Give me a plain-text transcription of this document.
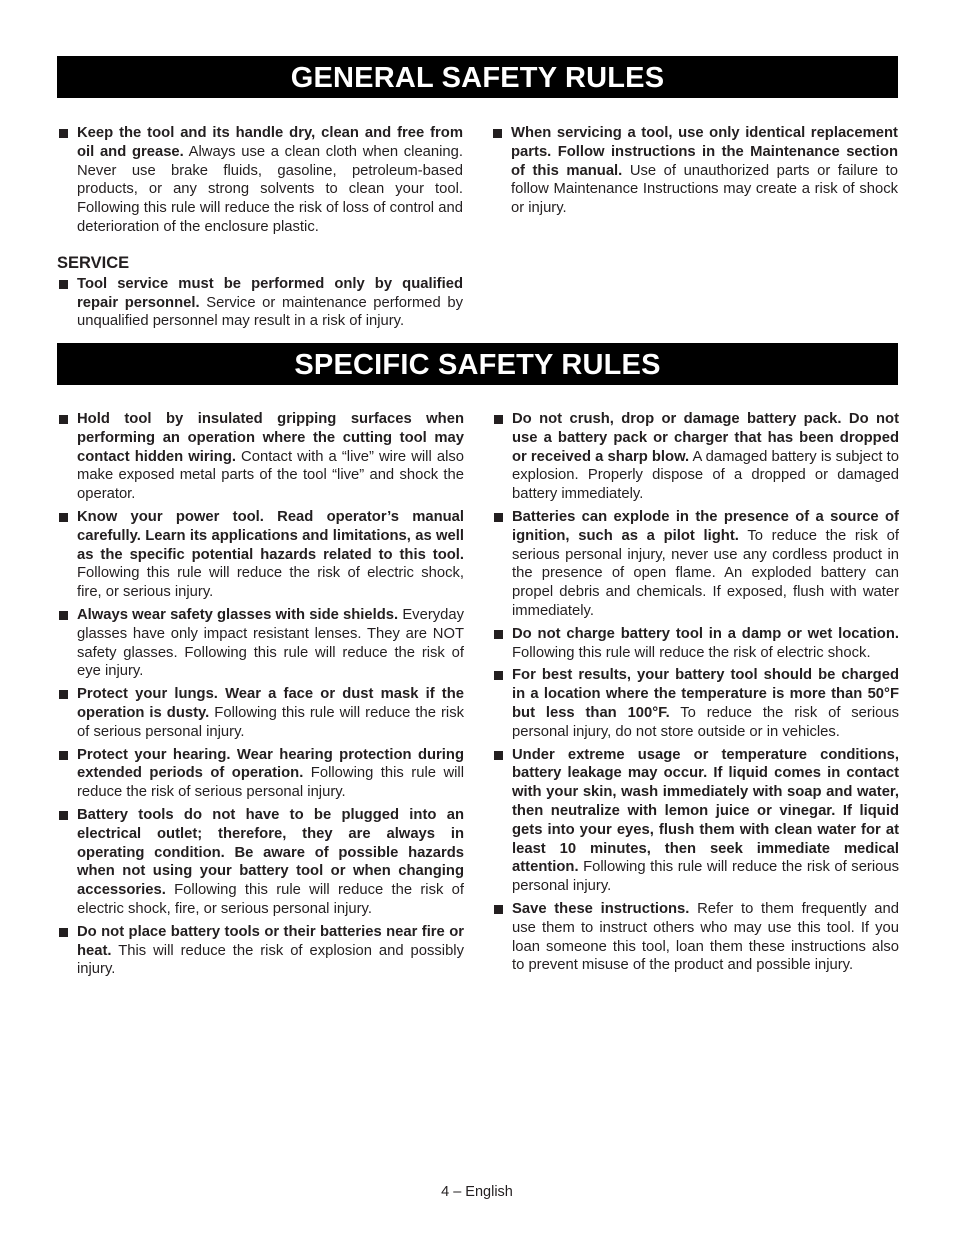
GENERAL SAFETY RULES
Keep the tool and its handle dry, clean and free from oil and grease. Always use a clean cloth when cleaning. Never use brake fluids, gasoline, petroleum-based products, or any strong solvents to clean your tool. Following this rule will reduce the risk of loss of control and deterioration of the enclosure plastic.
SERVICE
Tool service must be performed only by qualified repair personnel. Service or maintenance performed by unqualified personnel may result in a risk of injury.
When servicing a tool, use only identical replacement parts. Follow instructions in the Maintenance section of this manual. Use of unauthorized parts or failure to follow Maintenance Instructions may create a risk of shock or injury.
SPECIFIC SAFETY RULES
Hold tool by insulated gripping surfaces when performing an operation where the cutting tool may contact hidden wiring. Contact with a “live” wire will also make exposed metal parts of the tool “live” and shock the operator.
Know your power tool. Read operator’s manual carefully. Learn its applications and limitations, as well as the specific potential hazards related to this tool. Following this rule will reduce the risk of electric shock, fire, or serious injury.
Always wear safety glasses with side shields. Everyday glasses have only impact resistant lenses. They are NOT safety glasses. Following this rule will reduce the risk of eye injury.
Protect your lungs. Wear a face or dust mask if the operation is dusty. Following this rule will reduce the risk of serious personal injury.
Protect your hearing. Wear hearing protection during extended periods of operation. Following this rule will reduce the risk of serious personal injury.
Battery tools do not have to be plugged into an electrical outlet; therefore, they are always in operating condition. Be aware of possible hazards when not using your battery tool or when changing accessories. Following this rule will reduce the risk of electric shock, fire, or serious personal injury.
Do not place battery tools or their batteries near fire or heat. This will reduce the risk of explosion and possibly injury.
Do not crush, drop or damage battery pack. Do not use a battery pack or charger that has been dropped or received a sharp blow. A damaged battery is subject to explosion. Properly dispose of a dropped or damaged battery immediately.
Batteries can explode in the presence of a source of ignition, such as a pilot light. To reduce the risk of serious personal injury, never use any cordless product in the presence of open flame. An exploded battery can propel debris and chemicals. If exposed, flush with water immediately.
Do not charge battery tool in a damp or wet location. Following this rule will reduce the risk of electric shock.
For best results, your battery tool should be charged in a location where the temperature is more than 50°F but less than 100°F. To reduce the risk of serious personal injury, do not store outside or in vehicles.
Under extreme usage or temperature conditions, battery leakage may occur. If liquid comes in contact with your skin, wash immediately with soap and water, then neutralize with lemon juice or vinegar. If liquid gets into your eyes, flush them with clean water for at least 10 minutes, then seek immediate medical attention. Following this rule will reduce the risk of serious personal injury.
Save these instructions. Refer to them frequently and use them to instruct others who may use this tool. If you loan someone this tool, loan them these instructions also to prevent misuse of the product and possible injury.
4 – English
